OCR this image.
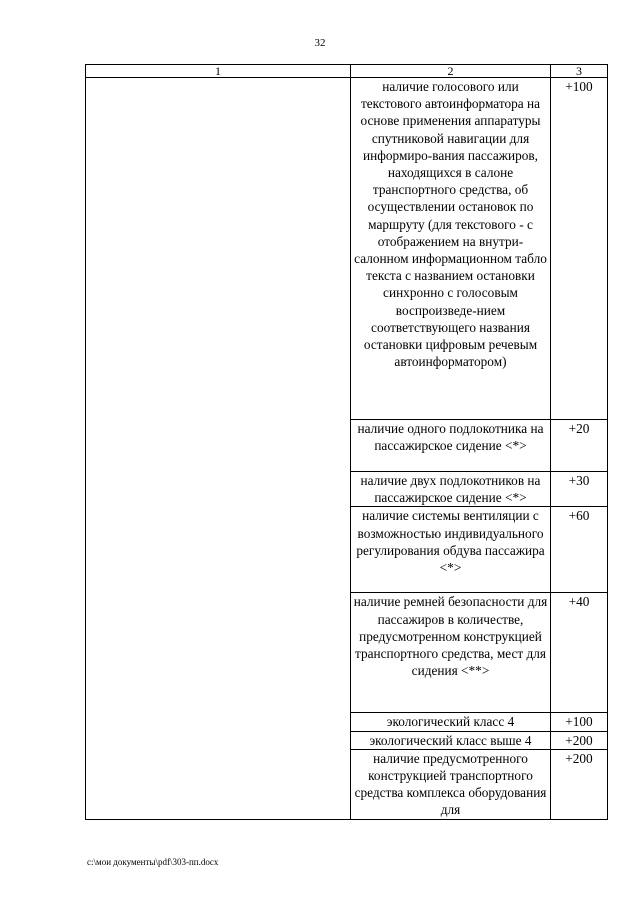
32
1	2	3
	наличие голосового или текстового автоинформатора на основе применения аппаратуры спутниковой навигации для информиро-вания пассажиров, находящихся в салоне транспортного средства, об осуществлении остановок по маршруту (для текстового - с отображением на внутри-салонном информационном табло текста с названием остановки синхронно с голосовым воспроизведе-нием соответствующего названия остановки цифровым речевым автоинформатором)	+100
	наличие одного подлокотника на пассажирское сидение <*>	+20
	наличие двух подлокотников на пассажирское сидение <*>	+30
	наличие системы вентиляции с возможностью индивидуального регулирования обдува пассажира <*>	+60
	наличие ремней безопасности для пассажиров в количестве, предусмотренном конструкцией транспортного средства, мест для сидения <**>	+40
	экологический класс 4	+100
	экологический класс выше 4	+200
	наличие предусмотренного конструкцией транспортного средства комплекса оборудования для	+200
c:\мои документы\pdf\303-пп.docx
